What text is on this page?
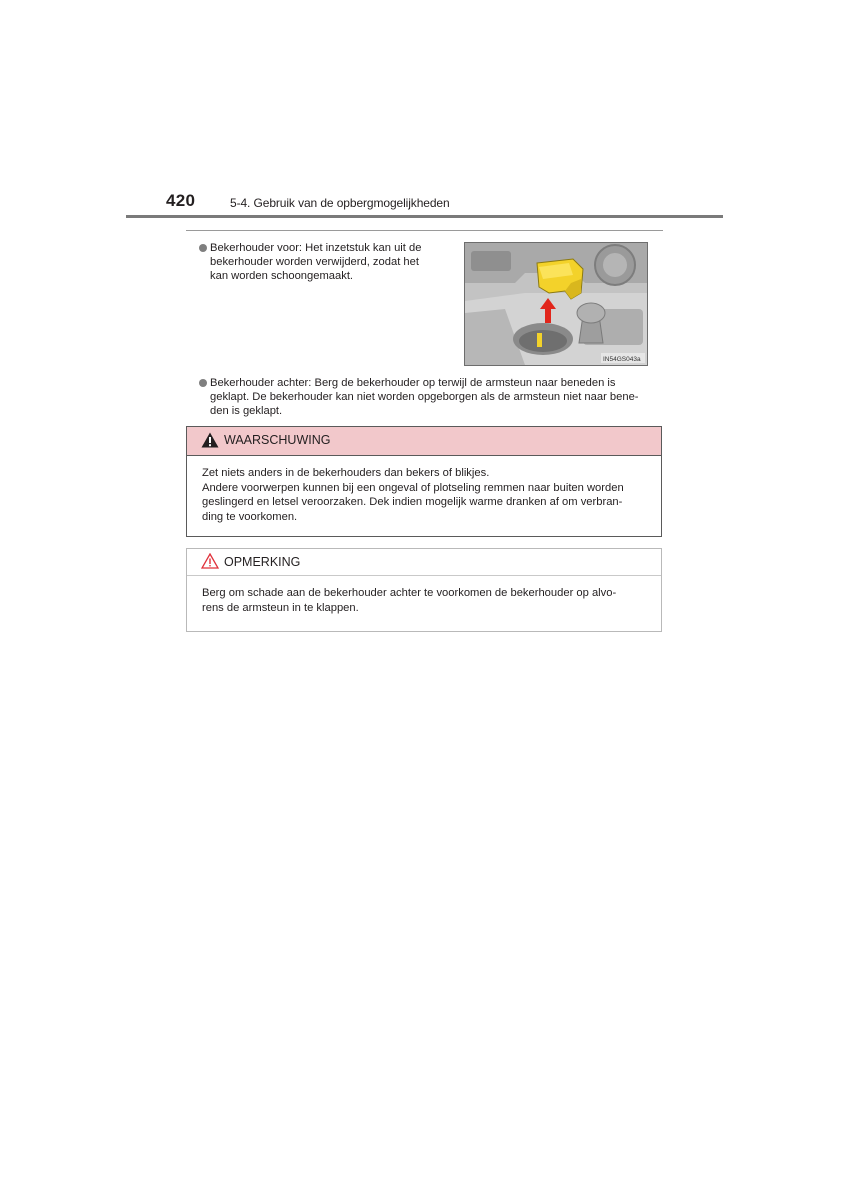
420	5-4. Gebruik van de opbergmogelijkheden
Bekerhouder voor: Het inzetstuk kan uit de
bekerhouder worden verwijderd, zodat het
kan worden schoongemaakt.
IN54GS043a
Bekerhouder achter: Berg de bekerhouder op terwijl de armsteun naar beneden is
geklapt. De bekerhouder kan niet worden opgeborgen als de armsteun niet naar bene-
den is geklapt.
WAARSCHUWING
Zet niets anders in de bekerhouders dan bekers of blikjes.
Andere voorwerpen kunnen bij een ongeval of plotseling remmen naar buiten worden
geslingerd en letsel veroorzaken. Dek indien mogelijk warme dranken af om verbran-
ding te voorkomen.
OPMERKING
Berg om schade aan de bekerhouder achter te voorkomen de bekerhouder op alvo-
rens de armsteun in te klappen.
